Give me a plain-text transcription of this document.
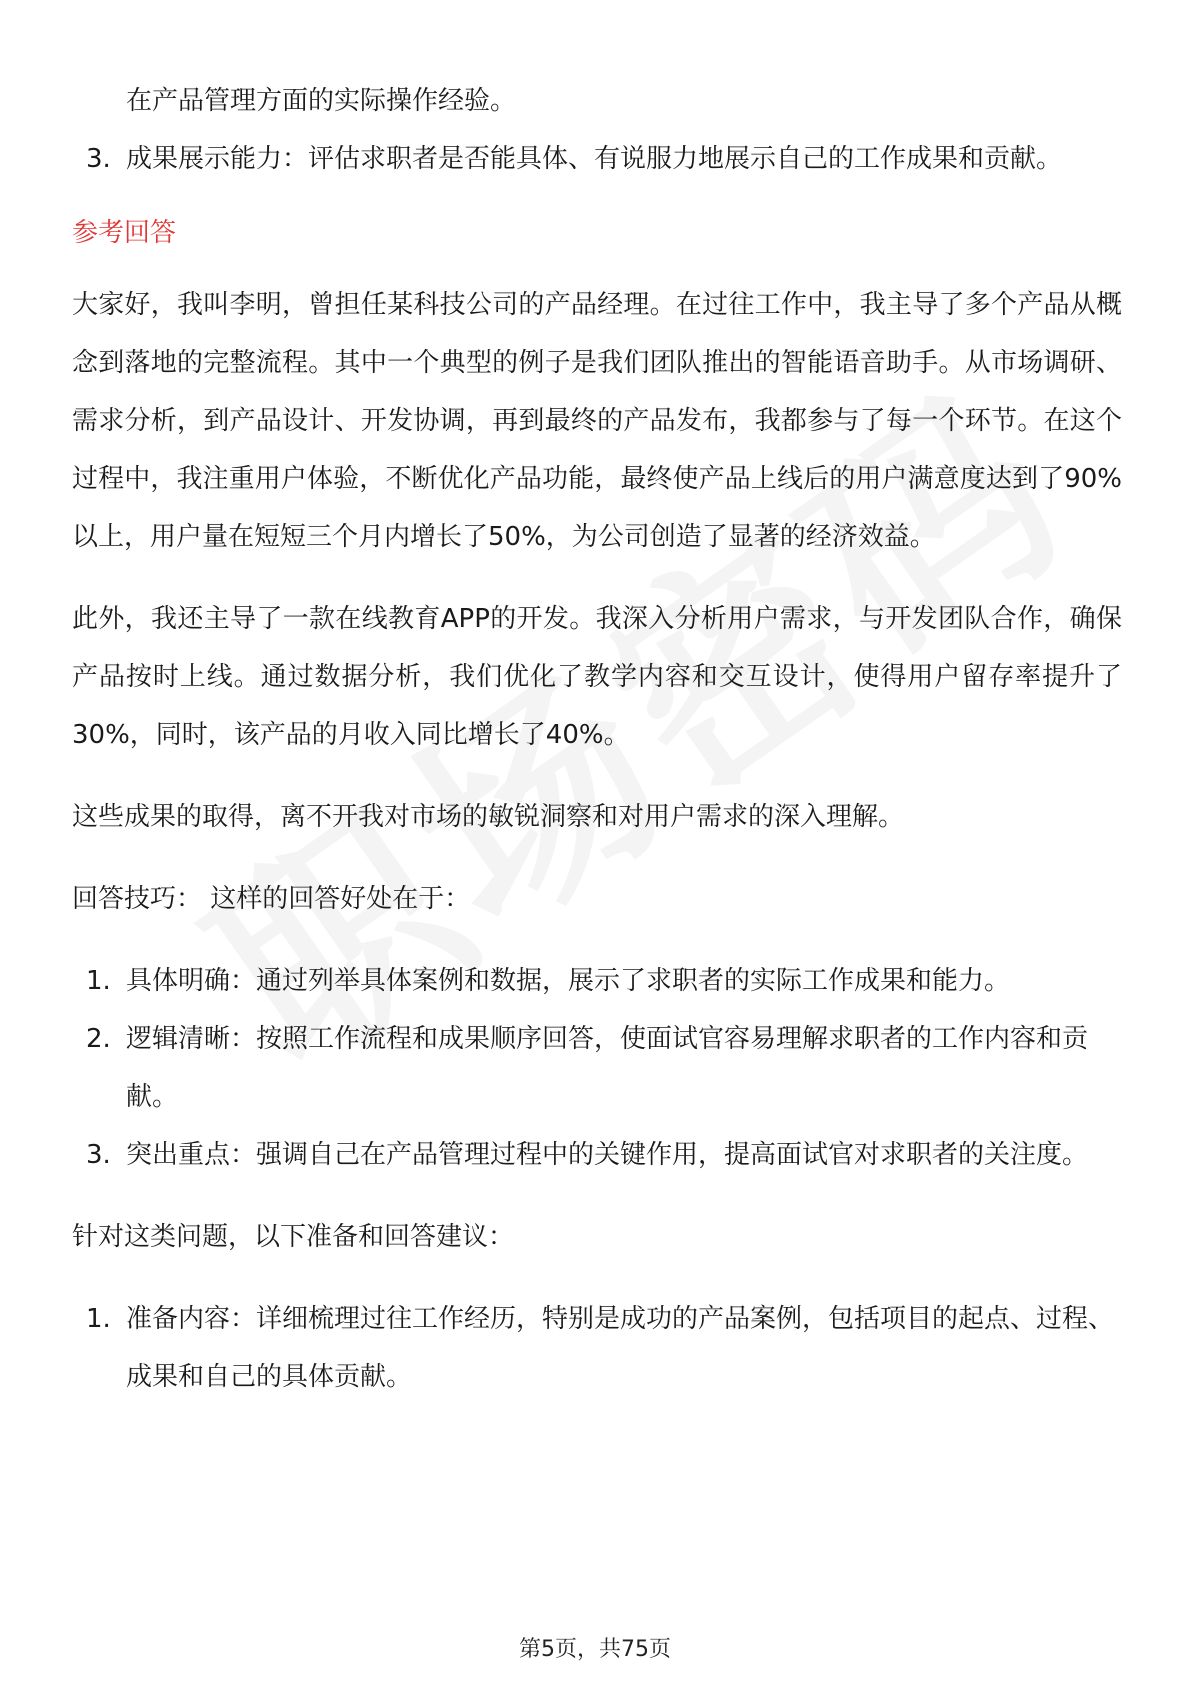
在产品管理方面的实际操作经验。
3. 成果展示能力：评估求职者是否能具体、有说服力地展示自己的工作成果和贡献。
参考回答

大家好，我叫李明，曾担任某科技公司的产品经理。在过往工作中，我主导了多个产品从概念到落地的完整流程。其中一个典型的例子是我们团队推出的智能语音助手。从市场调研、需求分析，到产品设计、开发协调，再到最终的产品发布，我都参与了每一个环节。在这个过程中，我注重用户体验，不断优化产品功能，最终使产品上线后的用户满意度达到了90%以上，用户量在短短三个月内增长了50%，为公司创造了显著的经济效益。

此外，我还主导了一款在线教育APP的开发。我深入分析用户需求，与开发团队合作，确保产品按时上线。通过数据分析，我们优化了教学内容和交互设计，使得用户留存率提升了30%，同时，该产品的月收入同比增长了40%。

这些成果的取得，离不开我对市场的敏锐洞察和对用户需求的深入理解。

回答技巧： 这样的回答好处在于：

1. 具体明确：通过列举具体案例和数据，展示了求职者的实际工作成果和能力。
2. 逻辑清晰：按照工作流程和成果顺序回答，使面试官容易理解求职者的工作内容和贡献。
3. 突出重点：强调自己在产品管理过程中的关键作用，提高面试官对求职者的关注度。

针对这类问题，以下准备和回答建议：

1. 准备内容：详细梳理过往工作经历，特别是成功的产品案例，包括项目的起点、过程、成果和自己的具体贡献。
第5页，共75页
